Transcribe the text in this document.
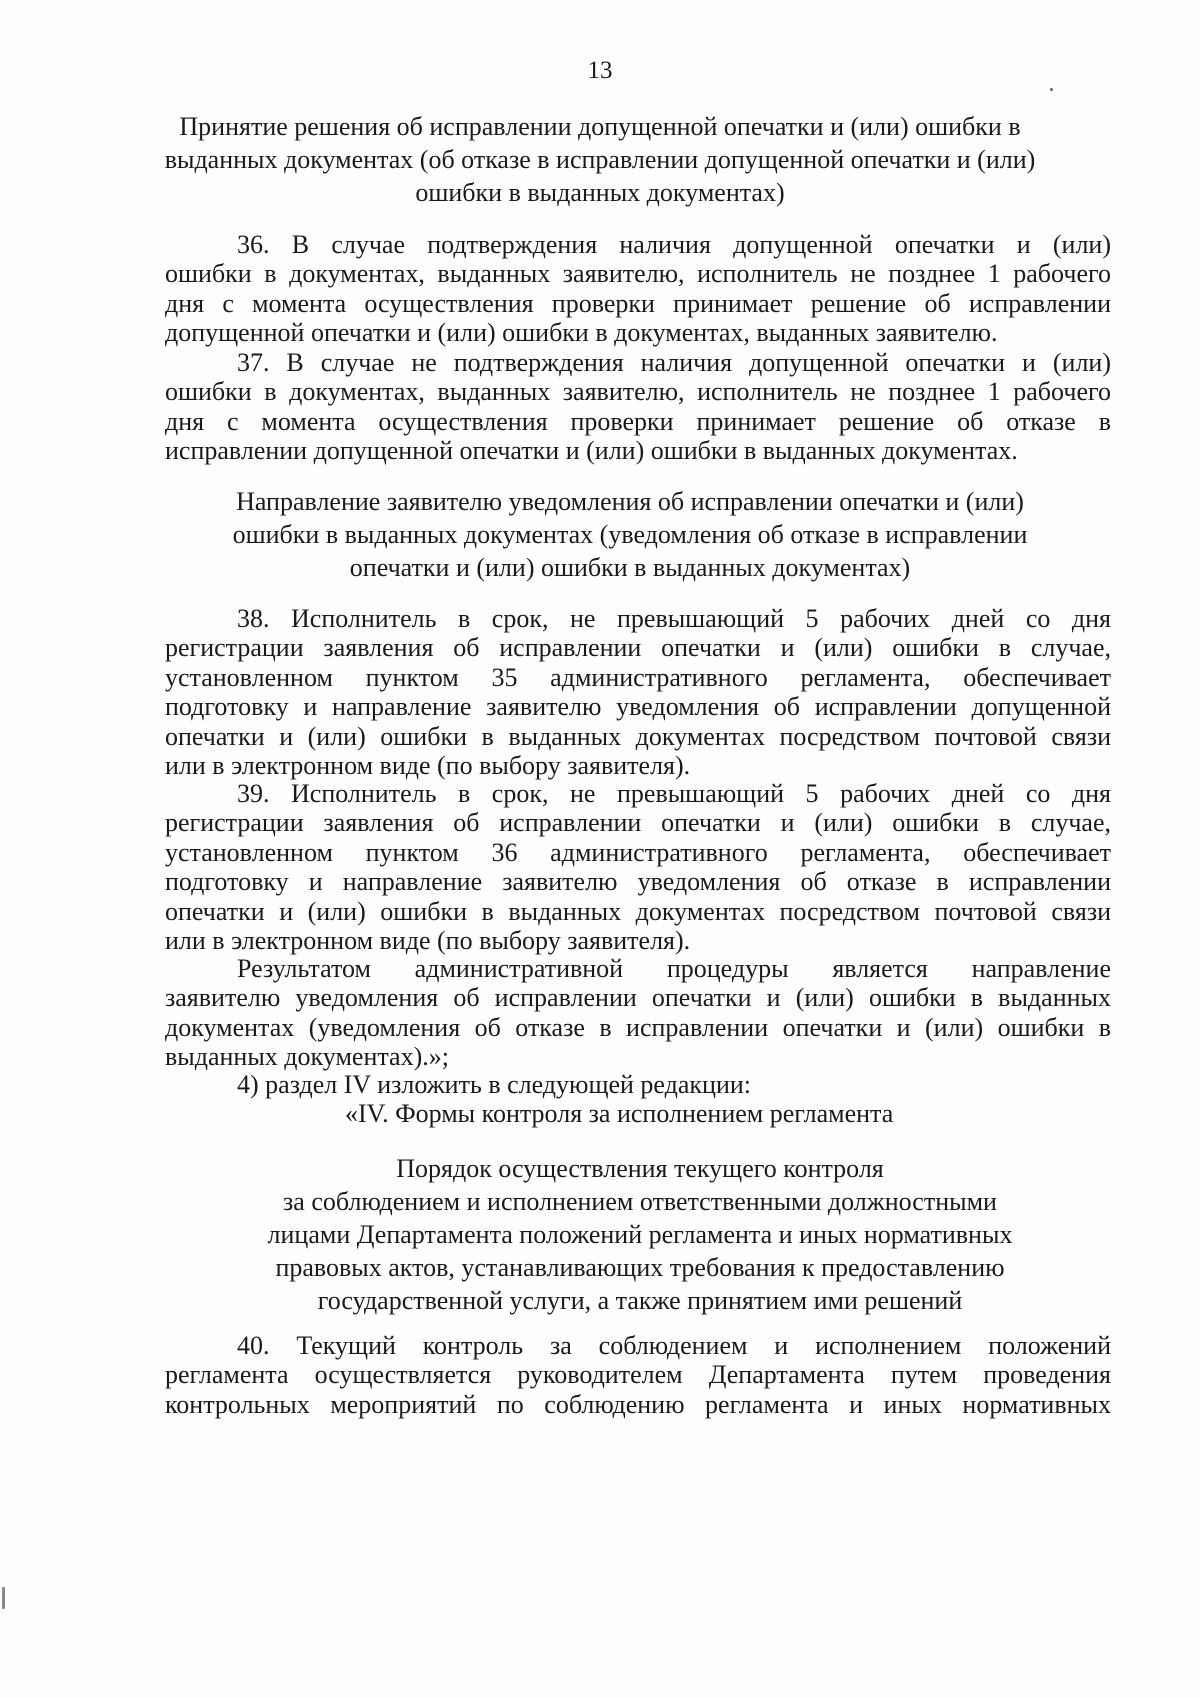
13
Принятие решения об исправлении допущенной опечатки и (или) ошибки в
выданных документах (об отказе в исправлении допущенной опечатки и (или)
ошибки в выданных документах)
36. В случае подтверждения наличия допущенной опечатки и (или)
ошибки в документах, выданных заявителю, исполнитель не позднее 1 рабочего
дня с момента осуществления проверки принимает решение об исправлении
допущенной опечатки и (или) ошибки в документах, выданных заявителю.
37. В случае не подтверждения наличия допущенной опечатки и (или)
ошибки в документах, выданных заявителю, исполнитель не позднее 1 рабочего
дня с момента осуществления проверки принимает решение об отказе в
исправлении допущенной опечатки и (или) ошибки в выданных документах.
Направление заявителю уведомления об исправлении опечатки и (или)
ошибки в выданных документах (уведомления об отказе в исправлении
опечатки и (или) ошибки в выданных документах)
38. Исполнитель в срок, не превышающий 5 рабочих дней со дня
регистрации заявления об исправлении опечатки и (или) ошибки в случае,
установленном пунктом 35 административного регламента, обеспечивает
подготовку и направление заявителю уведомления об исправлении допущенной
опечатки и (или) ошибки в выданных документах посредством почтовой связи
или в электронном виде (по выбору заявителя).
39. Исполнитель в срок, не превышающий 5 рабочих дней со дня
регистрации заявления об исправлении опечатки и (или) ошибки в случае,
установленном пунктом 36 административного регламента, обеспечивает
подготовку и направление заявителю уведомления об отказе в исправлении
опечатки и (или) ошибки в выданных документах посредством почтовой связи
или в электронном виде (по выбору заявителя).
Результатом административной процедуры является направление
заявителю уведомления об исправлении опечатки и (или) ошибки в выданных
документах (уведомления об отказе в исправлении опечатки и (или) ошибки в
выданных документах).»;
4) раздел IV изложить в следующей редакции:
«IV. Формы контроля за исполнением регламента
Порядок осуществления текущего контроля
за соблюдением и исполнением ответственными должностными
лицами Департамента положений регламента и иных нормативных
правовых актов, устанавливающих требования к предоставлению
государственной услуги, а также принятием ими решений
40. Текущий контроль за соблюдением и исполнением положений
регламента осуществляется руководителем Департамента путем проведения
контрольных мероприятий по соблюдению регламента и иных нормативных
